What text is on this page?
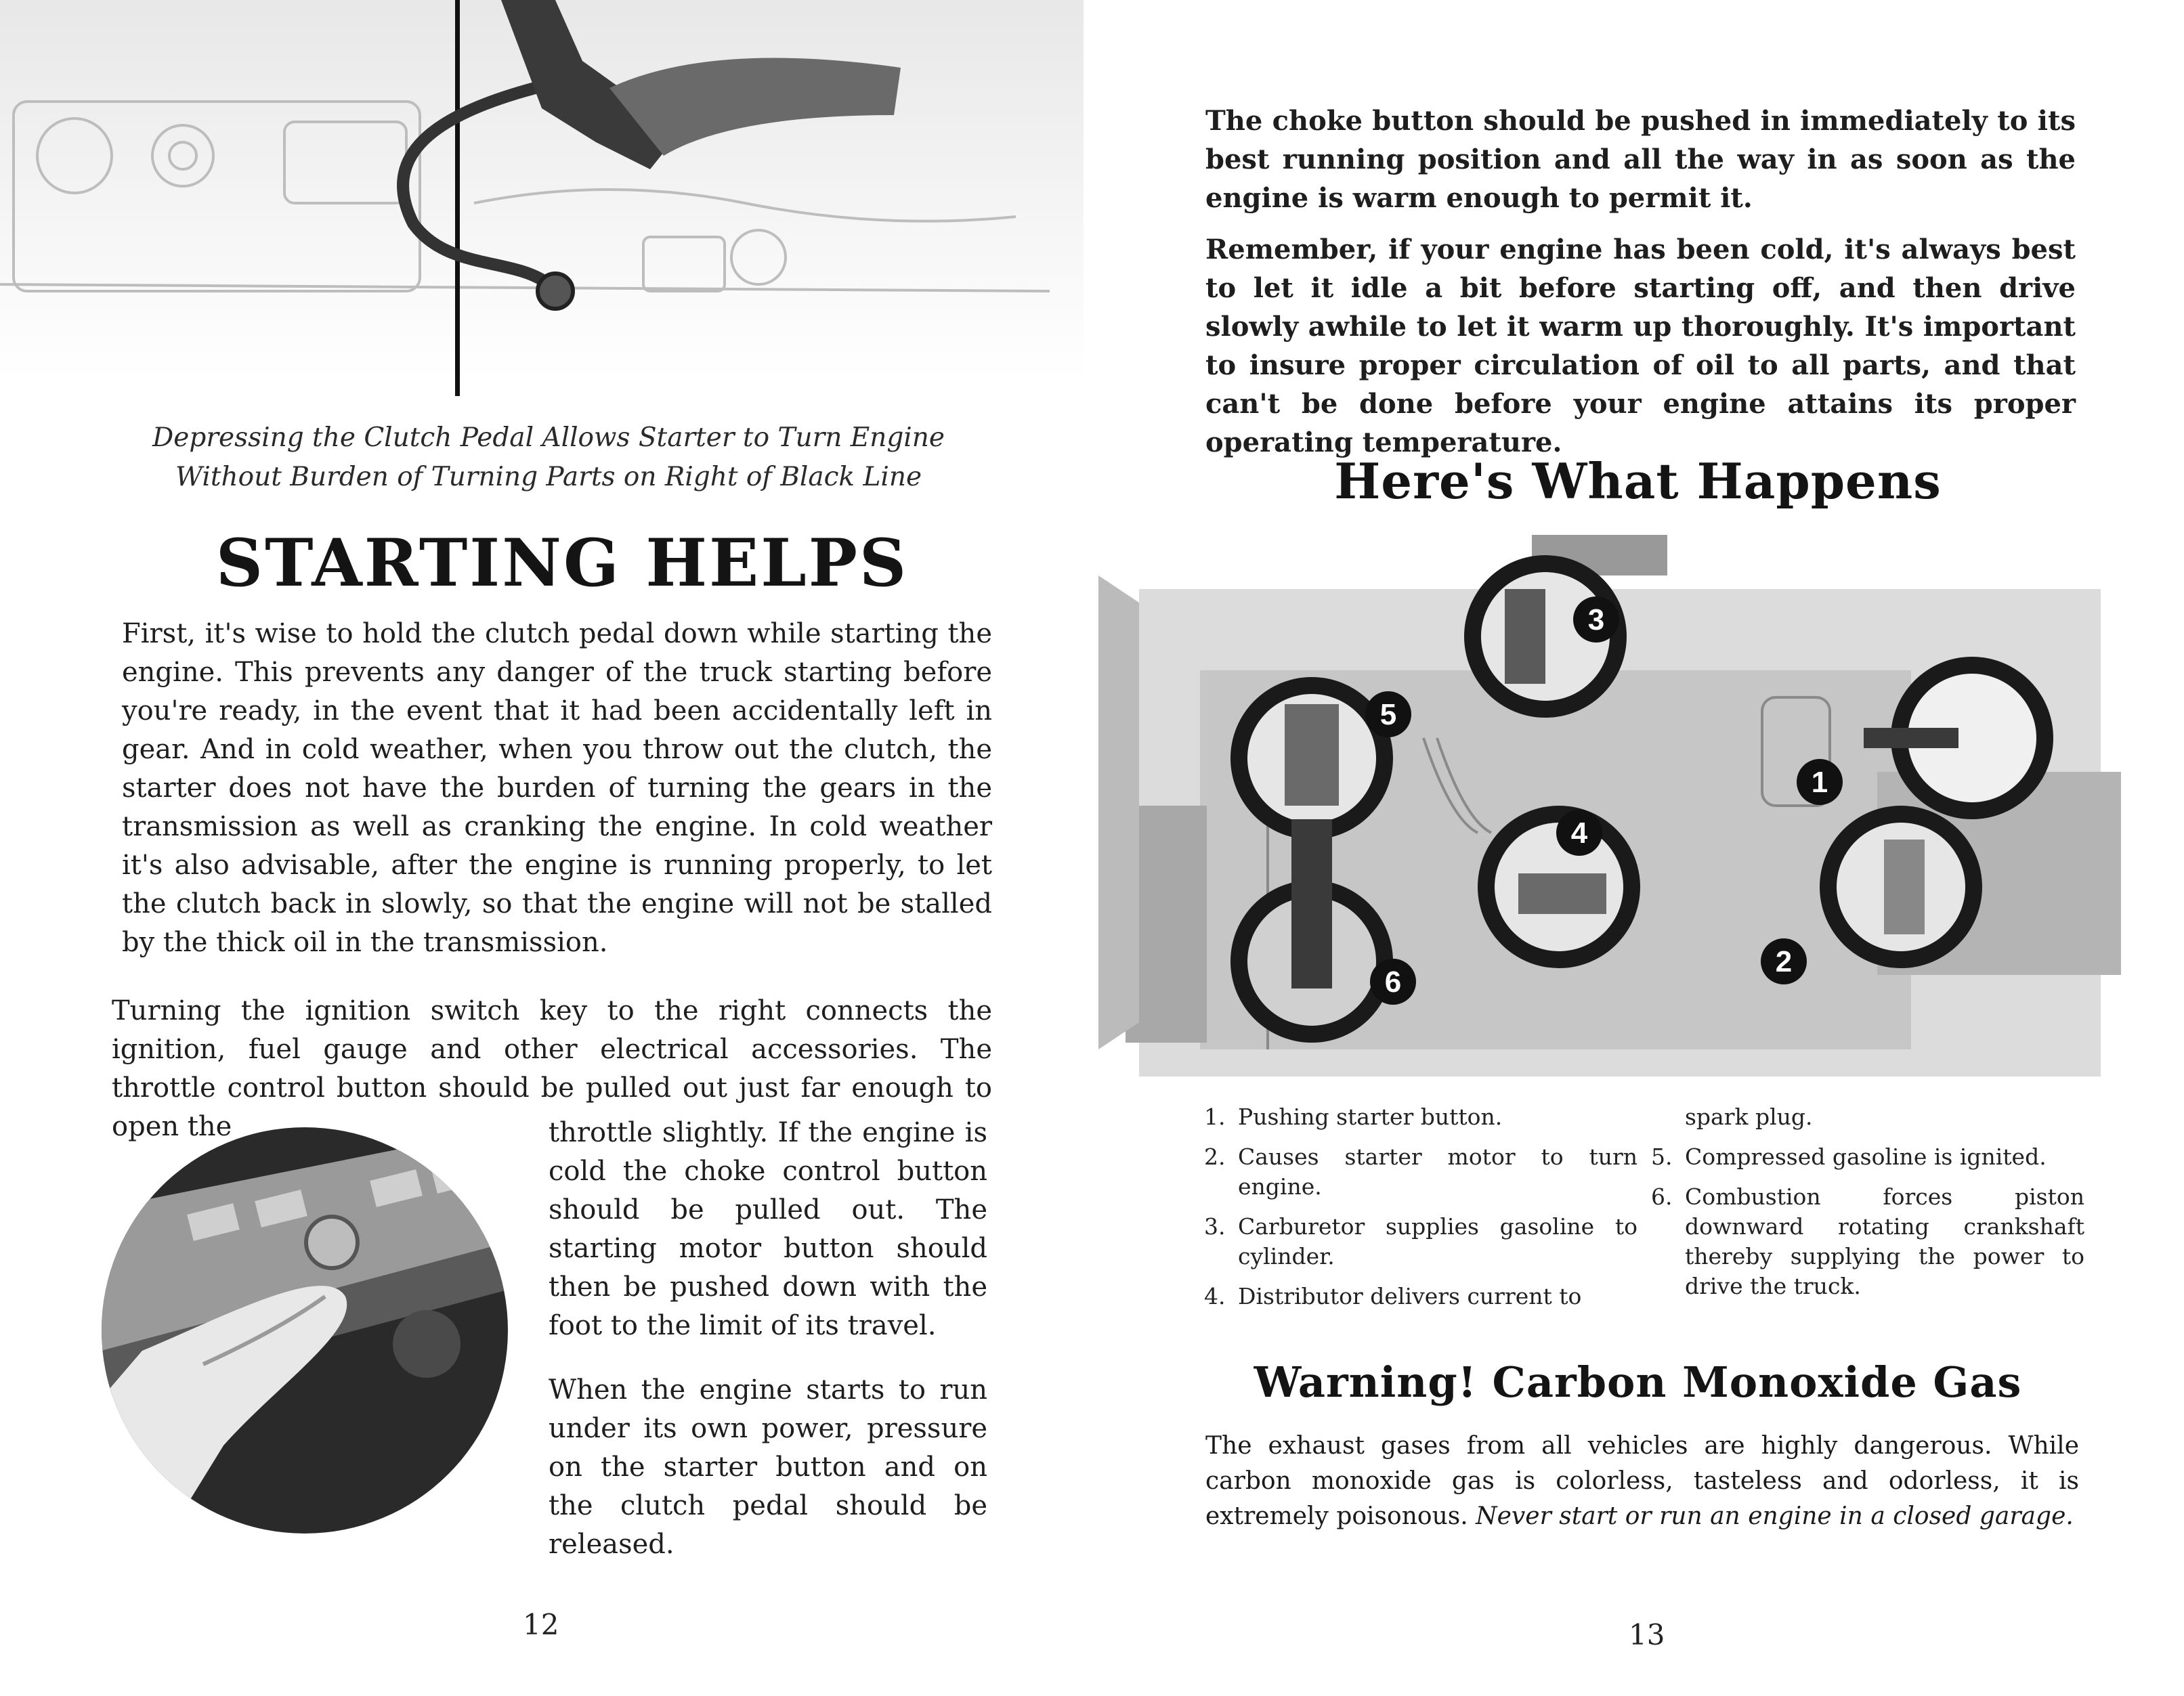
Depressing the Clutch Pedal Allows Starter to Turn Engine
Without Burden of Turning Parts on Right of Black Line
STARTING HELPS

First, it's wise to hold the clutch pedal down while starting the engine. This prevents any danger of the truck starting before you're ready, in the event that it had been accidentally left in gear. And in cold weather, when you throw out the clutch, the starter does not have the burden of turning the gears in the transmission as well as cranking the engine. In cold weather it's also advisable, after the engine is running properly, to let the clutch back in slowly, so that the engine will not be stalled by the thick oil in the transmission.

Turning the ignition switch key to the right connects the ignition, fuel gauge and other electrical accessories. The throttle control button should be pulled out just far enough to open the	throttle slightly. If the engine is cold the choke control button should be pulled out. The starting motor button should then be pushed down with the foot to the limit of its travel.

When the engine starts to run under its own power, pressure on the starter button and on the clutch pedal should be released.

12

The choke button should be pushed in immediately to its best running position and all the way in as soon as the engine is warm enough to permit it.

Remember, if your engine has been cold, it's always best to let it idle a bit before starting off, and then drive slowly awhile to let it warm up thoroughly. It's important to insure proper circulation of oil to all parts, and that can't be done before your engine attains its proper operating temperature.

Here's What Happens
1
2
3
4
5
6
1. Pushing starter button.
2. Causes starter motor to turn engine.
3. Carburetor supplies gasoline to cylinder.
4. Distributor delivers current to
spark plug.
5. Compressed gasoline is ignited.
6. Combustion forces piston downward rotating crankshaft thereby supplying the power to drive the truck.
Warning! Carbon Monoxide Gas

The exhaust gases from all vehicles are highly dangerous. While carbon monoxide gas is colorless, tasteless and odorless, it is extremely poisonous. Never start or run an engine in a closed garage.

13
